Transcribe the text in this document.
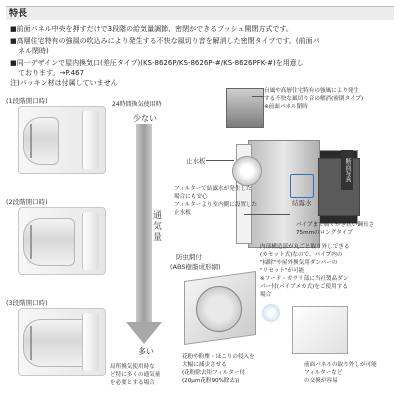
特長
■前面パネル中央を押すだけで3段階の給気量調節、密閉ができるプッシュ開閉方式です。
■高層住宅特有の強風の吹込みにより発生する不快な風切り音を解消した密閉タイプです。(前面パ
ネル閉時)
■同一デザインで屋内換気口(差圧タイプ)(KS-8626P/KS-8626P-#/KS-8626PFK-#)を用意し
ております。→P.467
注)パッキン材は付属していません
(1段階開口時)
(2段階開口時)
(3段階開口時)
24時間換気使用時
少ない
通気量
多い
局所換気使用時な
ど特に多くの通気量
を必要とする場合
断面写真
台風や高層住宅特有の強風により発生
する不快な風切り音の解消(密閉タイプ)
※前面パネル閉時
止水板
フィルターで結露水が発生した
場合にも安心
フィルターより室内側に設置した
止水板
結露水
パイプまで届くかぎ状い鋼長さ
75mmのロングタイプ
内部構造部が丸ごと取り外しできる
(カセット式)なので、パイプ内の
"掃除"や屋外換気用ダンパーの
"リセット"が可能
※フード・ガラリ部に当社製品ダン
パー付(パイプメカ式)をご使用する
場合
防虫網付
(ABS樹脂成形網)
花粉や粉塵・ほこりの侵入を
大幅に減少させる
(花粉除去用フィルター付
(20μm花粉90%除去))
前面パネルの取り外しが可能
フィルターなど
の交換が容易
